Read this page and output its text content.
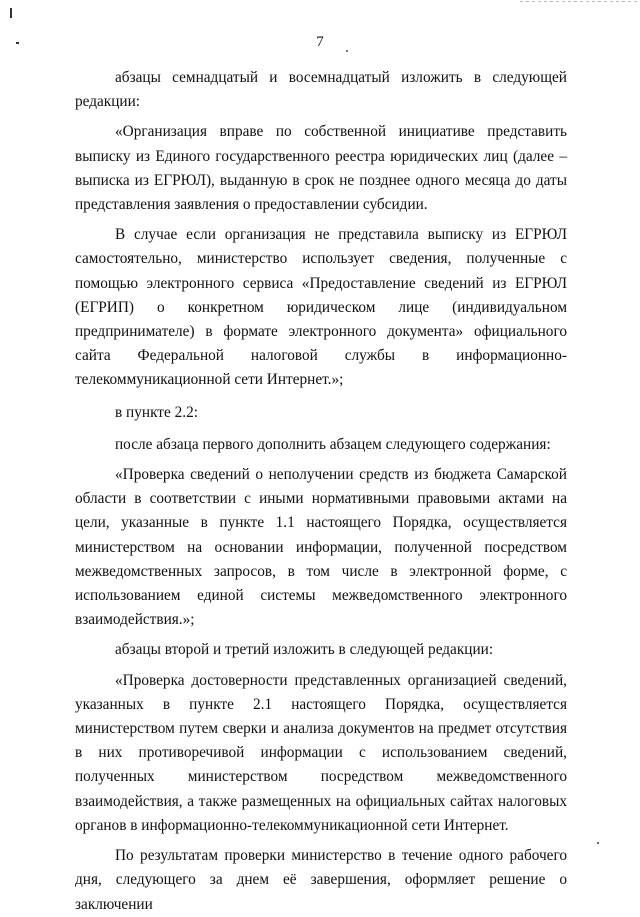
7

абзацы семнадцатый и восемнадцатый изложить в следующей редакции:

«Организация вправе по собственной инициативе представить выписку из Единого государственного реестра юридических лиц (далее – выписка из ЕГРЮЛ), выданную в срок не позднее одного месяца до даты представления заявления о предоставлении субсидии.

В случае если организация не представила выписку из ЕГРЮЛ самостоятельно, министерство использует сведения, полученные с помощью электронного сервиса «Предоставление сведений из ЕГРЮЛ (ЕГРИП) о конкретном юридическом лице (индивидуальном предпринимателе) в формате электронного документа» официального сайта Федеральной налоговой службы в информационно-телекоммуникационной сети Интернет.»;

в пункте 2.2:

после абзаца первого дополнить абзацем следующего содержания:

«Проверка сведений о неполучении средств из бюджета Самарской области в соответствии с иными нормативными правовыми актами на цели, указанные в пункте 1.1 настоящего Порядка, осуществляется министерством на основании информации, полученной посредством межведомственных запросов, в том числе в электронной форме, с использованием единой системы межведомственного электронного взаимодействия.»;

абзацы второй и третий изложить в следующей редакции:

«Проверка достоверности представленных организацией сведений, указанных в пункте 2.1 настоящего Порядка, осуществляется министерством путем сверки и анализа документов на предмет отсутствия в них противоречивой информации с использованием сведений, полученных министерством посредством межведомственного взаимодействия, а также размещенных на официальных сайтах налоговых органов в информационно-телекоммуникационной сети Интернет.

По результатам проверки министерство в течение одного рабочего дня, следующего за днем её завершения, оформляет решение о заключении
